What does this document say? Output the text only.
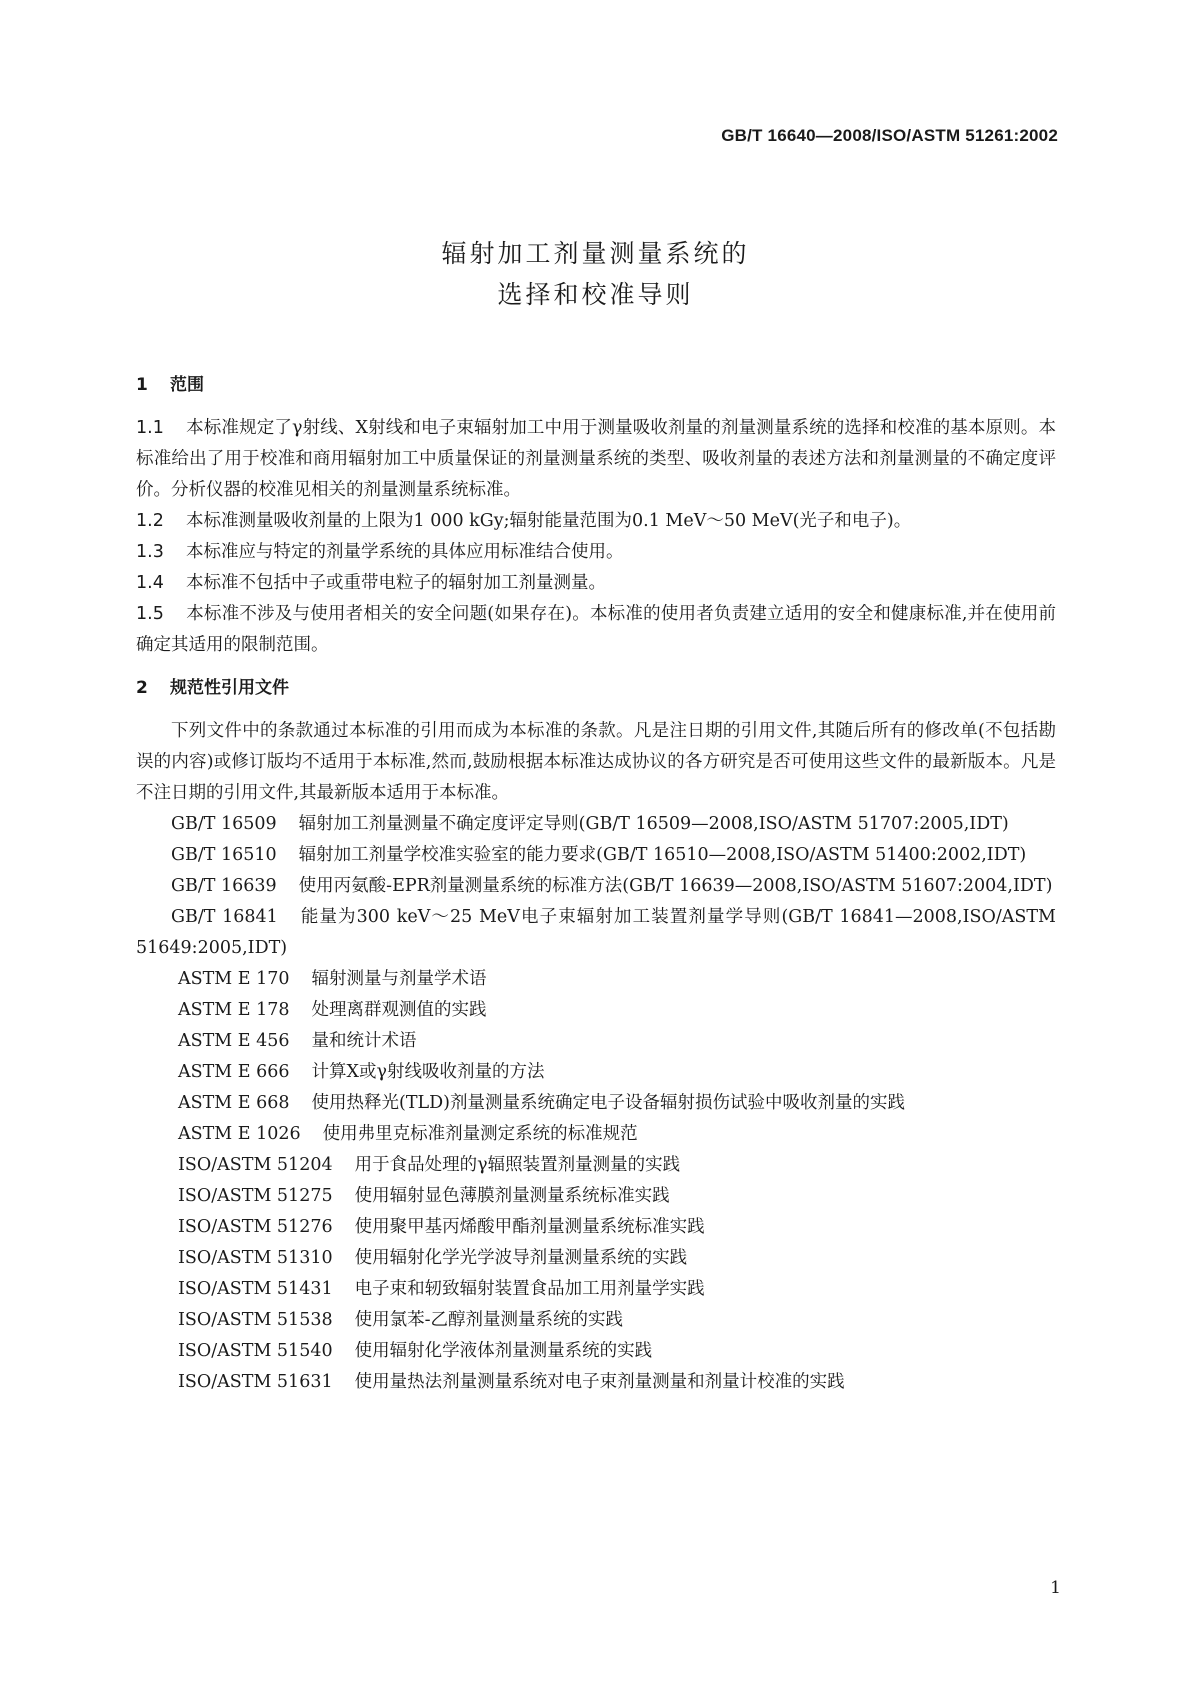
GB/T 16640—2008/ISO/ASTM 51261:2002
辐射加工剂量测量系统的
选择和校准导则
1 范围
1.1 本标准规定了γ射线、X射线和电子束辐射加工中用于测量吸收剂量的剂量测量系统的选择和校准的基本原则。本标准给出了用于校准和商用辐射加工中质量保证的剂量测量系统的类型、吸收剂量的表述方法和剂量测量的不确定度评价。分析仪器的校准见相关的剂量测量系统标准。
1.2 本标准测量吸收剂量的上限为1 000 kGy;辐射能量范围为0.1 MeV～50 MeV(光子和电子)。
1.3 本标准应与特定的剂量学系统的具体应用标准结合使用。
1.4 本标准不包括中子或重带电粒子的辐射加工剂量测量。
1.5 本标准不涉及与使用者相关的安全问题(如果存在)。本标准的使用者负责建立适用的安全和健康标准,并在使用前确定其适用的限制范围。
2 规范性引用文件
下列文件中的条款通过本标准的引用而成为本标准的条款。凡是注日期的引用文件,其随后所有的修改单(不包括勘误的内容)或修订版均不适用于本标准,然而,鼓励根据本标准达成协议的各方研究是否可使用这些文件的最新版本。凡是不注日期的引用文件,其最新版本适用于本标准。
GB/T 16509 辐射加工剂量测量不确定度评定导则(GB/T 16509—2008,ISO/ASTM 51707:2005,IDT)
GB/T 16510 辐射加工剂量学校准实验室的能力要求(GB/T 16510—2008,ISO/ASTM 51400:2002,IDT)
GB/T 16639 使用丙氨酸-EPR剂量测量系统的标准方法(GB/T 16639—2008,ISO/ASTM 51607:2004,IDT)
GB/T 16841 能量为300 keV～25 MeV电子束辐射加工装置剂量学导则(GB/T 16841—2008,ISO/ASTM 51649:2005,IDT)
ASTM E 170 辐射测量与剂量学术语
ASTM E 178 处理离群观测值的实践
ASTM E 456 量和统计术语
ASTM E 666 计算X或γ射线吸收剂量的方法
ASTM E 668 使用热释光(TLD)剂量测量系统确定电子设备辐射损伤试验中吸收剂量的实践
ASTM E 1026 使用弗里克标准剂量测定系统的标准规范
ISO/ASTM 51204 用于食品处理的γ辐照装置剂量测量的实践
ISO/ASTM 51275 使用辐射显色薄膜剂量测量系统标准实践
ISO/ASTM 51276 使用聚甲基丙烯酸甲酯剂量测量系统标准实践
ISO/ASTM 51310 使用辐射化学光学波导剂量测量系统的实践
ISO/ASTM 51431 电子束和轫致辐射装置食品加工用剂量学实践
ISO/ASTM 51538 使用氯苯-乙醇剂量测量系统的实践
ISO/ASTM 51540 使用辐射化学液体剂量测量系统的实践
ISO/ASTM 51631 使用量热法剂量测量系统对电子束剂量测量和剂量计校准的实践
1
